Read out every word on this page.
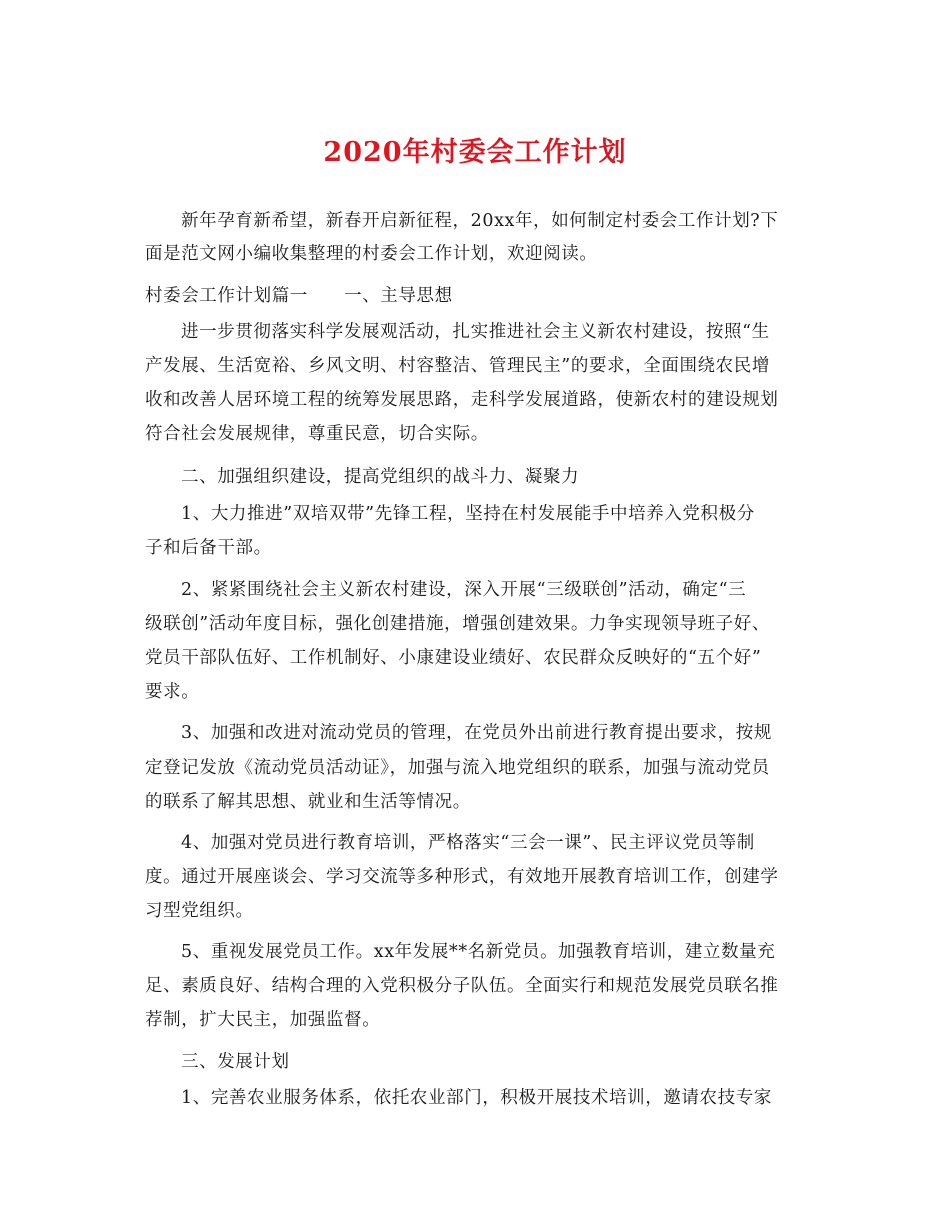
2020年村委会工作计划
新年孕育新希望，新春开启新征程，20xx年，如何制定村委会工作计划?下
面是范文网小编收集整理的村委会工作计划，欢迎阅读。
村委会工作计划篇一　　一、主导思想
进一步贯彻落实科学发展观活动，扎实推进社会主义新农村建设，按照“生
产发展、生活宽裕、乡风文明、村容整洁、管理民主”的要求，全面围绕农民增
收和改善人居环境工程的统筹发展思路，走科学发展道路，使新农村的建设规划
符合社会发展规律，尊重民意，切合实际。
二、加强组织建设，提高党组织的战斗力、凝聚力
1、大力推进”双培双带”先锋工程，坚持在村发展能手中培养入党积极分
子和后备干部。
2、紧紧围绕社会主义新农村建设，深入开展“三级联创”活动，确定“三
级联创”活动年度目标，强化创建措施，增强创建效果。力争实现领导班子好、
党员干部队伍好、工作机制好、小康建设业绩好、农民群众反映好的“五个好”
要求。
3、加强和改进对流动党员的管理，在党员外出前进行教育提出要求，按规
定登记发放《流动党员活动证》，加强与流入地党组织的联系，加强与流动党员
的联系了解其思想、就业和生活等情况。
4、加强对党员进行教育培训，严格落实“三会一课”、民主评议党员等制
度。通过开展座谈会、学习交流等多种形式，有效地开展教育培训工作，创建学
习型党组织。
5、重视发展党员工作。xx年发展**名新党员。加强教育培训，建立数量充
足、素质良好、结构合理的入党积极分子队伍。全面实行和规范发展党员联名推
荐制，扩大民主，加强监督。
三、发展计划
1、完善农业服务体系，依托农业部门，积极开展技术培训，邀请农技专家
